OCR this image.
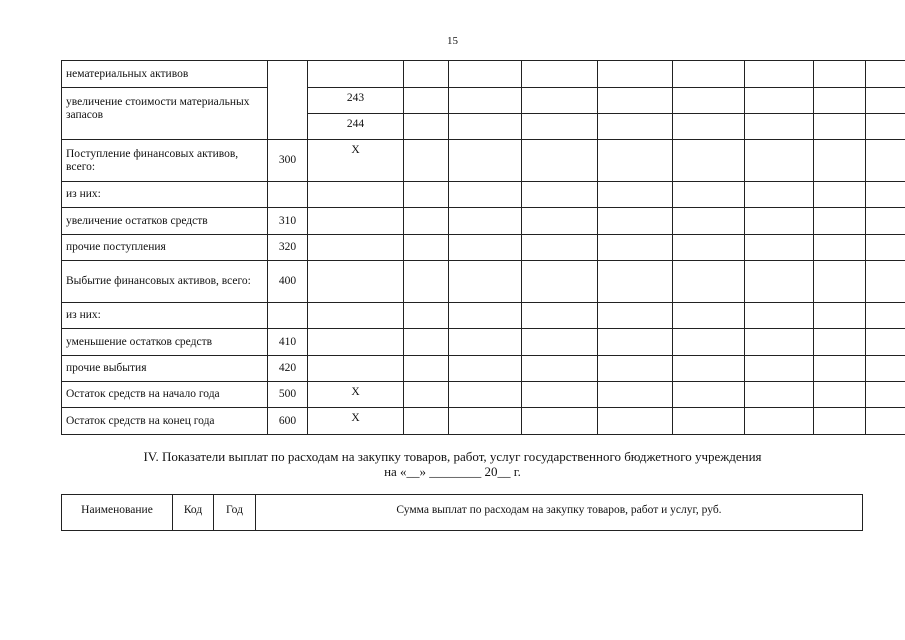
15
нематериальных активов										
увеличение стоимости материальных запасов		243								
		244								
Поступление финансовых активов, всего:	300	X								
из них:										
увеличение остатков средств	310									
прочие поступления	320									
Выбытие финансовых активов, всего:	400									
из них:										
уменьшение остатков средств	410									
прочие выбытия	420									
Остаток средств на начало года	500	X								
Остаток средств на конец года	600	X								
IV. Показатели выплат по расходам на закупку товаров, работ, услуг государственного бюджетного учреждения
на «__» ________ 20__ г.
Наименование	Код	Год	Сумма выплат по расходам на закупку товаров, работ и услуг, руб.
